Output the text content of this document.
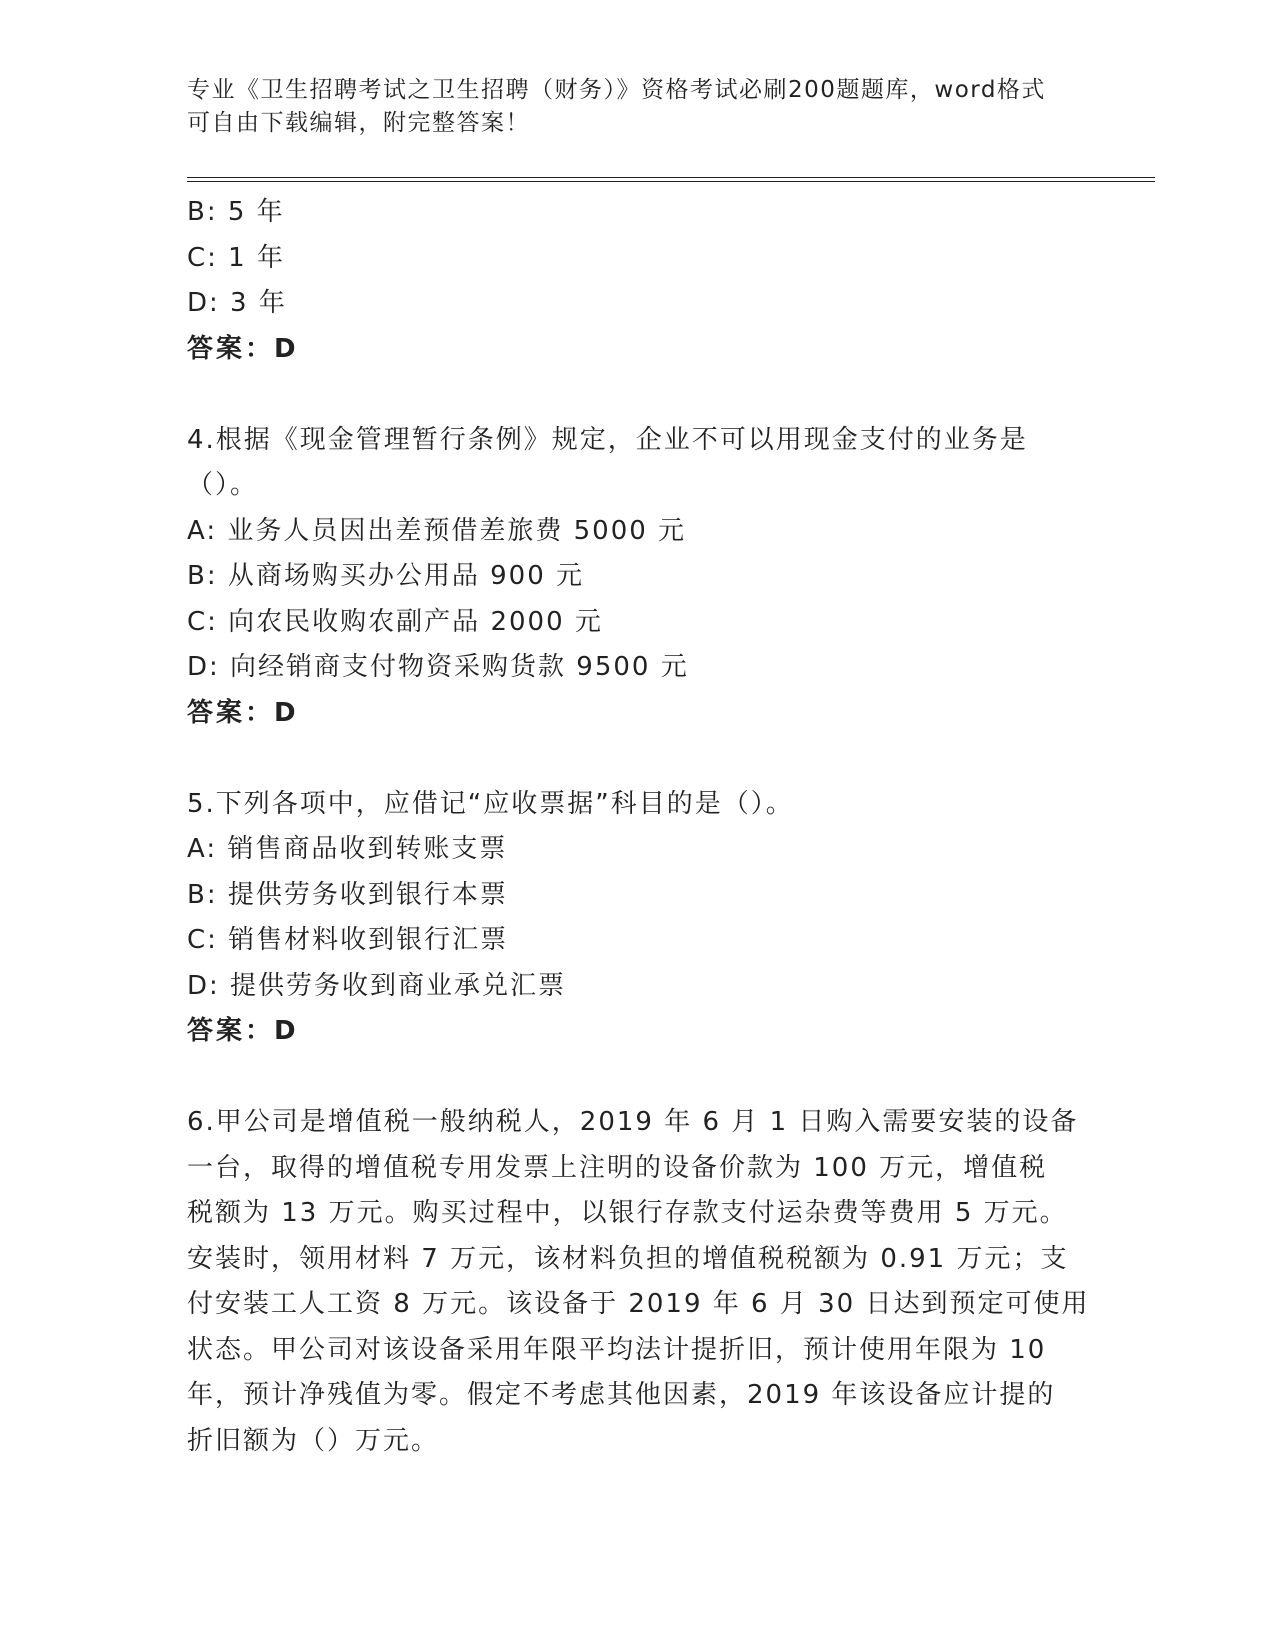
专业《卫生招聘考试之卫生招聘（财务）》资格考试必刷200题题库，word格式
可自由下载编辑，附完整答案！
B: 5 年
C: 1 年
D: 3 年
答案：D
4.根据《现金管理暂行条例》规定，企业不可以用现金支付的业务是
（）。
A: 业务人员因出差预借差旅费 5000 元
B: 从商场购买办公用品 900 元
C: 向农民收购农副产品 2000 元
D: 向经销商支付物资采购货款 9500 元
答案：D
5.下列各项中，应借记“应收票据”科目的是（）。
A: 销售商品收到转账支票
B: 提供劳务收到银行本票
C: 销售材料收到银行汇票
D: 提供劳务收到商业承兑汇票
答案：D
6.甲公司是增值税一般纳税人，2019 年 6 月 1 日购入需要安装的设备
一台，取得的增值税专用发票上注明的设备价款为 100 万元，增值税
税额为 13 万元。购买过程中，以银行存款支付运杂费等费用 5 万元。
安装时，领用材料 7 万元，该材料负担的增值税税额为 0.91 万元；支
付安装工人工资 8 万元。该设备于 2019 年 6 月 30 日达到预定可使用
状态。甲公司对该设备采用年限平均法计提折旧，预计使用年限为 10
年，预计净残值为零。假定不考虑其他因素，2019 年该设备应计提的
折旧额为（）万元。
